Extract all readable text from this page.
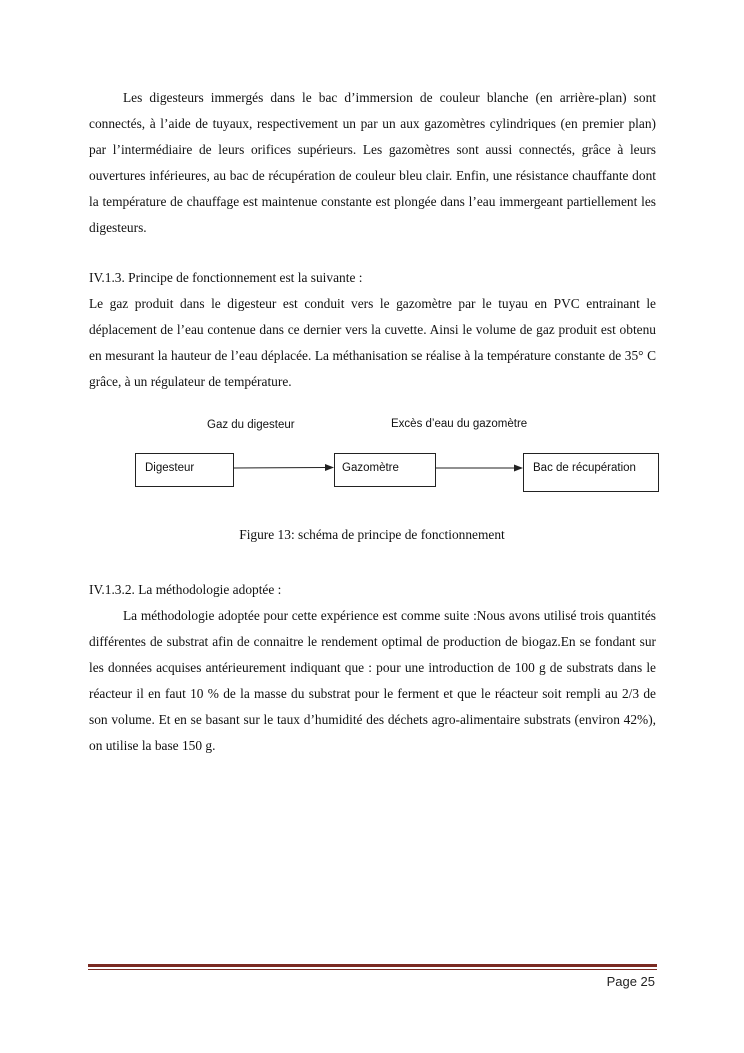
Les digesteurs immergés dans le bac d’immersion de couleur blanche (en arrière-plan) sont connectés, à l’aide de tuyaux, respectivement un par un aux gazomètres cylindriques (en premier plan) par l’intermédiaire de leurs orifices supérieurs. Les gazomètres sont aussi connectés, grâce à leurs ouvertures inférieures, au bac de récupération de couleur bleu clair. Enfin, une résistance chauffante dont la température de chauffage est maintenue constante est plongée dans l’eau immergeant partiellement les digesteurs.

IV.1.3. Principe de fonctionnement est la suivante :

Le gaz produit dans le digesteur est conduit vers le gazomètre par le tuyau en PVC entrainant le déplacement de l’eau contenue dans ce dernier vers la cuvette. Ainsi le volume de gaz produit est obtenu en mesurant la hauteur de l’eau déplacée. La méthanisation se réalise à la température constante de 35° C grâce, à un régulateur de température.

Gaz du digesteur	Excès d’eau du gazomètre
Digesteur	Gazomètre	Bac de récupération
Figure 13: schéma de principe de fonctionnement

IV.1.3.2. La méthodologie adoptée :

La méthodologie adoptée pour cette expérience est comme suite :Nous avons utilisé trois quantités différentes de substrat afin de connaitre le rendement optimal de production de biogaz.En se fondant sur les données acquises antérieurement indiquant que : pour une introduction de 100 g de substrats dans le réacteur il en faut 10 % de la masse du substrat pour le ferment et que le réacteur soit rempli au 2/3 de son volume. Et en se basant sur le taux d’humidité des déchets agro-alimentaire substrats (environ 42%), on utilise la base 150 g.

Page 25
